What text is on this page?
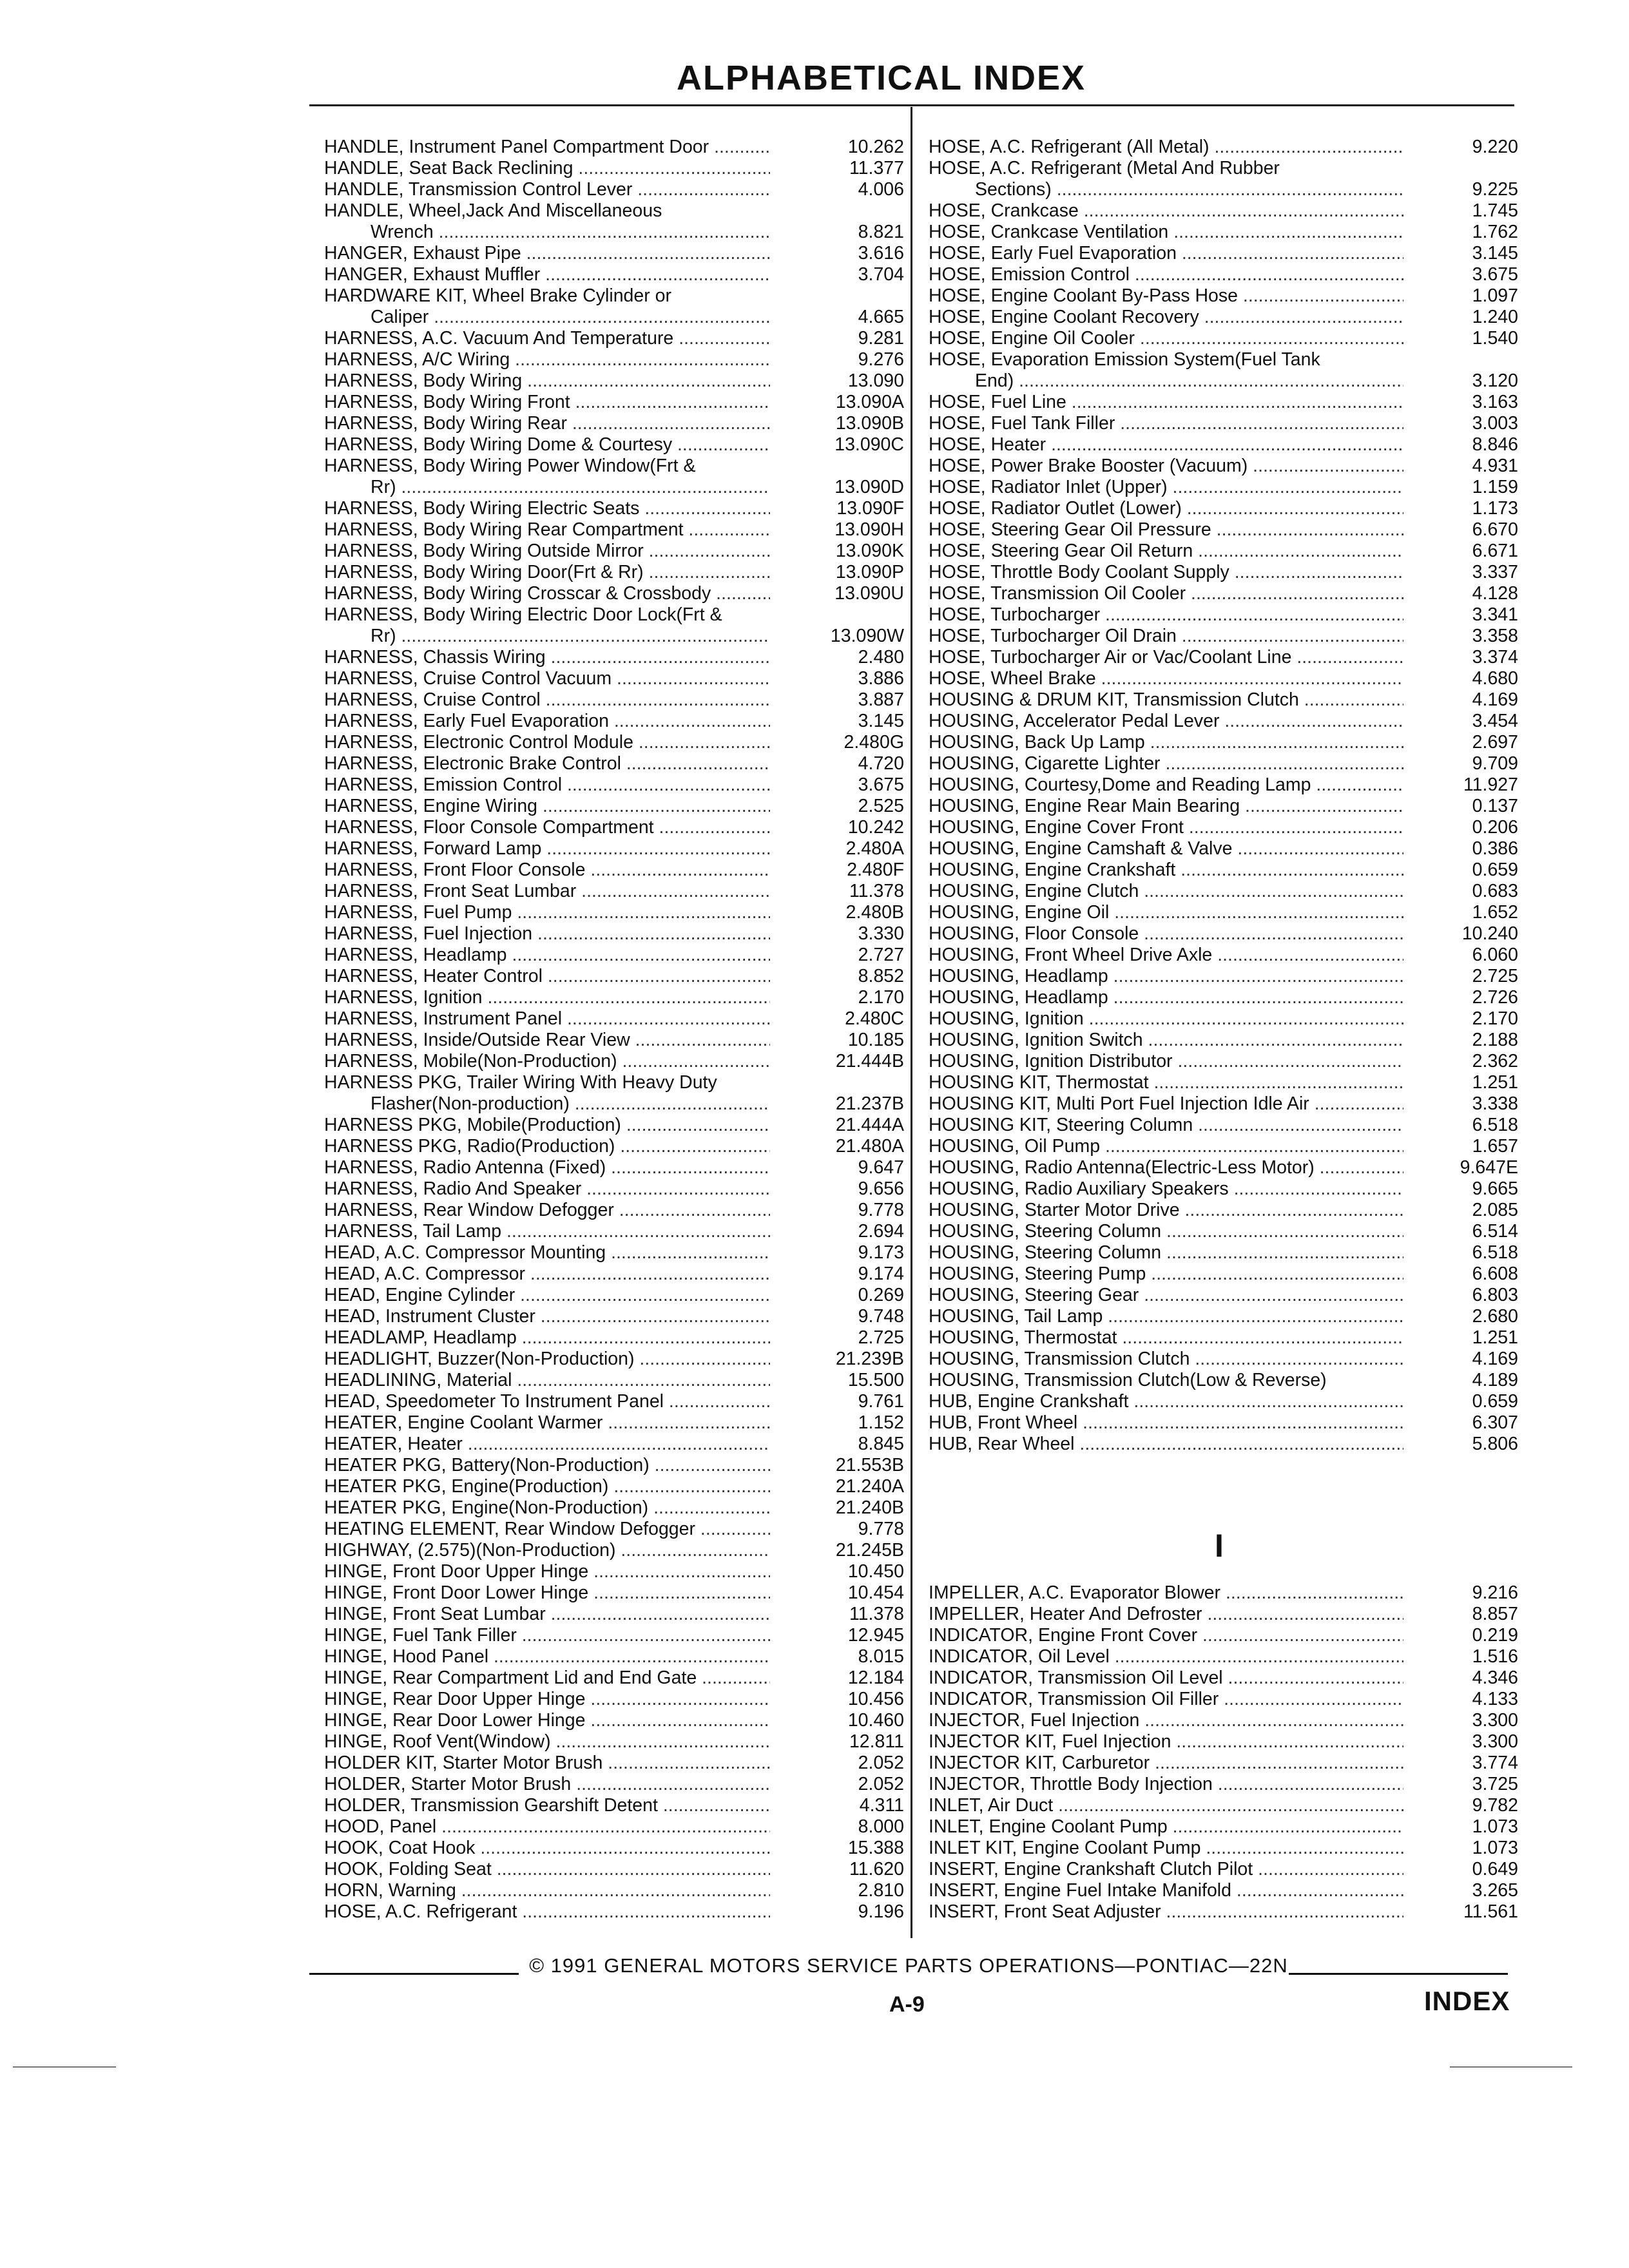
ALPHABETICAL INDEX
HANDLE, Instrument Panel Compartment Door .....	10.262
HANDLE, Seat Back Reclining .....	11.377
HANDLE, Transmission Control Lever .....	4.006
HANDLE, Wheel,Jack And Miscellaneous
Wrench .....	8.821
HANGER, Exhaust Pipe .....	3.616
HANGER, Exhaust Muffler .....	3.704
HARDWARE KIT, Wheel Brake Cylinder or
Caliper .....	4.665
HARNESS, A.C. Vacuum And Temperature .....	9.281
HARNESS, A/C Wiring .....	9.276
HARNESS, Body Wiring .....	13.090
HARNESS, Body Wiring Front .....	13.090A
HARNESS, Body Wiring Rear .....	13.090B
HARNESS, Body Wiring Dome & Courtesy .....	13.090C
HARNESS, Body Wiring Power Window(Frt &
Rr) .....	13.090D
HARNESS, Body Wiring Electric Seats .....	13.090F
HARNESS, Body Wiring Rear Compartment .....	13.090H
HARNESS, Body Wiring Outside Mirror .....	13.090K
HARNESS, Body Wiring Door(Frt & Rr) .....	13.090P
HARNESS, Body Wiring Crosscar & Crossbody .....	13.090U
HARNESS, Body Wiring Electric Door Lock(Frt &
Rr) .....	13.090W
HARNESS, Chassis Wiring .....	2.480
HARNESS, Cruise Control Vacuum .....	3.886
HARNESS, Cruise Control .....	3.887
HARNESS, Early Fuel Evaporation .....	3.145
HARNESS, Electronic Control Module .....	2.480G
HARNESS, Electronic Brake Control .....	4.720
HARNESS, Emission Control .....	3.675
HARNESS, Engine Wiring .....	2.525
HARNESS, Floor Console Compartment .....	10.242
HARNESS, Forward Lamp .....	2.480A
HARNESS, Front Floor Console .....	2.480F
HARNESS, Front Seat Lumbar .....	11.378
HARNESS, Fuel Pump .....	2.480B
HARNESS, Fuel Injection .....	3.330
HARNESS, Headlamp .....	2.727
HARNESS, Heater Control .....	8.852
HARNESS, Ignition .....	2.170
HARNESS, Instrument Panel .....	2.480C
HARNESS, Inside/Outside Rear View .....	10.185
HARNESS, Mobile(Non-Production) .....	21.444B
HARNESS PKG, Trailer Wiring With Heavy Duty
Flasher(Non-production) .....	21.237B
HARNESS PKG, Mobile(Production) .....	21.444A
HARNESS PKG, Radio(Production) .....	21.480A
HARNESS, Radio Antenna (Fixed) .....	9.647
HARNESS, Radio And Speaker .....	9.656
HARNESS, Rear Window Defogger .....	9.778
HARNESS, Tail Lamp .....	2.694
HEAD, A.C. Compressor Mounting .....	9.173
HEAD, A.C. Compressor .....	9.174
HEAD, Engine Cylinder .....	0.269
HEAD, Instrument Cluster .....	9.748
HEADLAMP, Headlamp .....	2.725
HEADLIGHT, Buzzer(Non-Production) .....	21.239B
HEADLINING, Material .....	15.500
HEAD, Speedometer To Instrument Panel .....	9.761
HEATER, Engine Coolant Warmer .....	1.152
HEATER, Heater .....	8.845
HEATER PKG, Battery(Non-Production) .....	21.553B
HEATER PKG, Engine(Production) .....	21.240A
HEATER PKG, Engine(Non-Production) .....	21.240B
HEATING ELEMENT, Rear Window Defogger .....	9.778
HIGHWAY, (2.575)(Non-Production) .....	21.245B
HINGE, Front Door Upper Hinge .....	10.450
HINGE, Front Door Lower Hinge .....	10.454
HINGE, Front Seat Lumbar .....	11.378
HINGE, Fuel Tank Filler .....	12.945
HINGE, Hood Panel .....	8.015
HINGE, Rear Compartment Lid and End Gate .....	12.184
HINGE, Rear Door Upper Hinge .....	10.456
HINGE, Rear Door Lower Hinge .....	10.460
HINGE, Roof Vent(Window) .....	12.811
HOLDER KIT, Starter Motor Brush .....	2.052
HOLDER, Starter Motor Brush .....	2.052
HOLDER, Transmission Gearshift Detent .....	4.311
HOOD, Panel .....	8.000
HOOK, Coat Hook .....	15.388
HOOK, Folding Seat .....	11.620
HORN, Warning .....	2.810
HOSE, A.C. Refrigerant .....	9.196
HOSE, A.C. Refrigerant (All Metal) .....	9.220
HOSE, A.C. Refrigerant (Metal And Rubber
Sections) .....	9.225
HOSE, Crankcase .....	1.745
HOSE, Crankcase Ventilation .....	1.762
HOSE, Early Fuel Evaporation .....	3.145
HOSE, Emission Control .....	3.675
HOSE, Engine Coolant By-Pass Hose .....	1.097
HOSE, Engine Coolant Recovery .....	1.240
HOSE, Engine Oil Cooler .....	1.540
HOSE, Evaporation Emission System(Fuel Tank
End) .....	3.120
HOSE, Fuel Line .....	3.163
HOSE, Fuel Tank Filler .....	3.003
HOSE, Heater .....	8.846
HOSE, Power Brake Booster (Vacuum) .....	4.931
HOSE, Radiator Inlet (Upper) .....	1.159
HOSE, Radiator Outlet (Lower) .....	1.173
HOSE, Steering Gear Oil Pressure .....	6.670
HOSE, Steering Gear Oil Return .....	6.671
HOSE, Throttle Body Coolant Supply .....	3.337
HOSE, Transmission Oil Cooler .....	4.128
HOSE, Turbocharger .....	3.341
HOSE, Turbocharger Oil Drain .....	3.358
HOSE, Turbocharger Air or Vac/Coolant Line .....	3.374
HOSE, Wheel Brake .....	4.680
HOUSING & DRUM KIT, Transmission Clutch .....	4.169
HOUSING, Accelerator Pedal Lever .....	3.454
HOUSING, Back Up Lamp .....	2.697
HOUSING, Cigarette Lighter .....	9.709
HOUSING, Courtesy,Dome and Reading Lamp .....	11.927
HOUSING, Engine Rear Main Bearing .....	0.137
HOUSING, Engine Cover Front .....	0.206
HOUSING, Engine Camshaft & Valve .....	0.386
HOUSING, Engine Crankshaft .....	0.659
HOUSING, Engine Clutch .....	0.683
HOUSING, Engine Oil .....	1.652
HOUSING, Floor Console .....	10.240
HOUSING, Front Wheel Drive Axle .....	6.060
HOUSING, Headlamp .....	2.725
HOUSING, Headlamp .....	2.726
HOUSING, Ignition .....	2.170
HOUSING, Ignition Switch .....	2.188
HOUSING, Ignition Distributor .....	2.362
HOUSING KIT, Thermostat .....	1.251
HOUSING KIT, Multi Port Fuel Injection Idle Air .....	3.338
HOUSING KIT, Steering Column .....	6.518
HOUSING, Oil Pump .....	1.657
HOUSING, Radio Antenna(Electric-Less Motor) .....	9.647E
HOUSING, Radio Auxiliary Speakers .....	9.665
HOUSING, Starter Motor Drive .....	2.085
HOUSING, Steering Column .....	6.514
HOUSING, Steering Column .....	6.518
HOUSING, Steering Pump .....	6.608
HOUSING, Steering Gear .....	6.803
HOUSING, Tail Lamp .....	2.680
HOUSING, Thermostat .....	1.251
HOUSING, Transmission Clutch .....	4.169
HOUSING, Transmission Clutch(Low & Reverse)	4.189
HUB, Engine Crankshaft .....	0.659
HUB, Front Wheel .....	6.307
HUB, Rear Wheel .....	5.806
IMPELLER, A.C. Evaporator Blower .....	9.216
IMPELLER, Heater And Defroster .....	8.857
INDICATOR, Engine Front Cover .....	0.219
INDICATOR, Oil Level .....	1.516
INDICATOR, Transmission Oil Level .....	4.346
INDICATOR, Transmission Oil Filler .....	4.133
INJECTOR, Fuel Injection .....	3.300
INJECTOR KIT, Fuel Injection .....	3.300
INJECTOR KIT, Carburetor .....	3.774
INJECTOR, Throttle Body Injection .....	3.725
INLET, Air Duct .....	9.782
INLET, Engine Coolant Pump .....	1.073
INLET KIT, Engine Coolant Pump .....	1.073
INSERT, Engine Crankshaft Clutch Pilot .....	0.649
INSERT, Engine Fuel Intake Manifold .....	3.265
INSERT, Front Seat Adjuster .....	11.561
I
© 1991 GENERAL MOTORS SERVICE PARTS OPERATIONS—PONTIAC—22N
A-9	INDEX
